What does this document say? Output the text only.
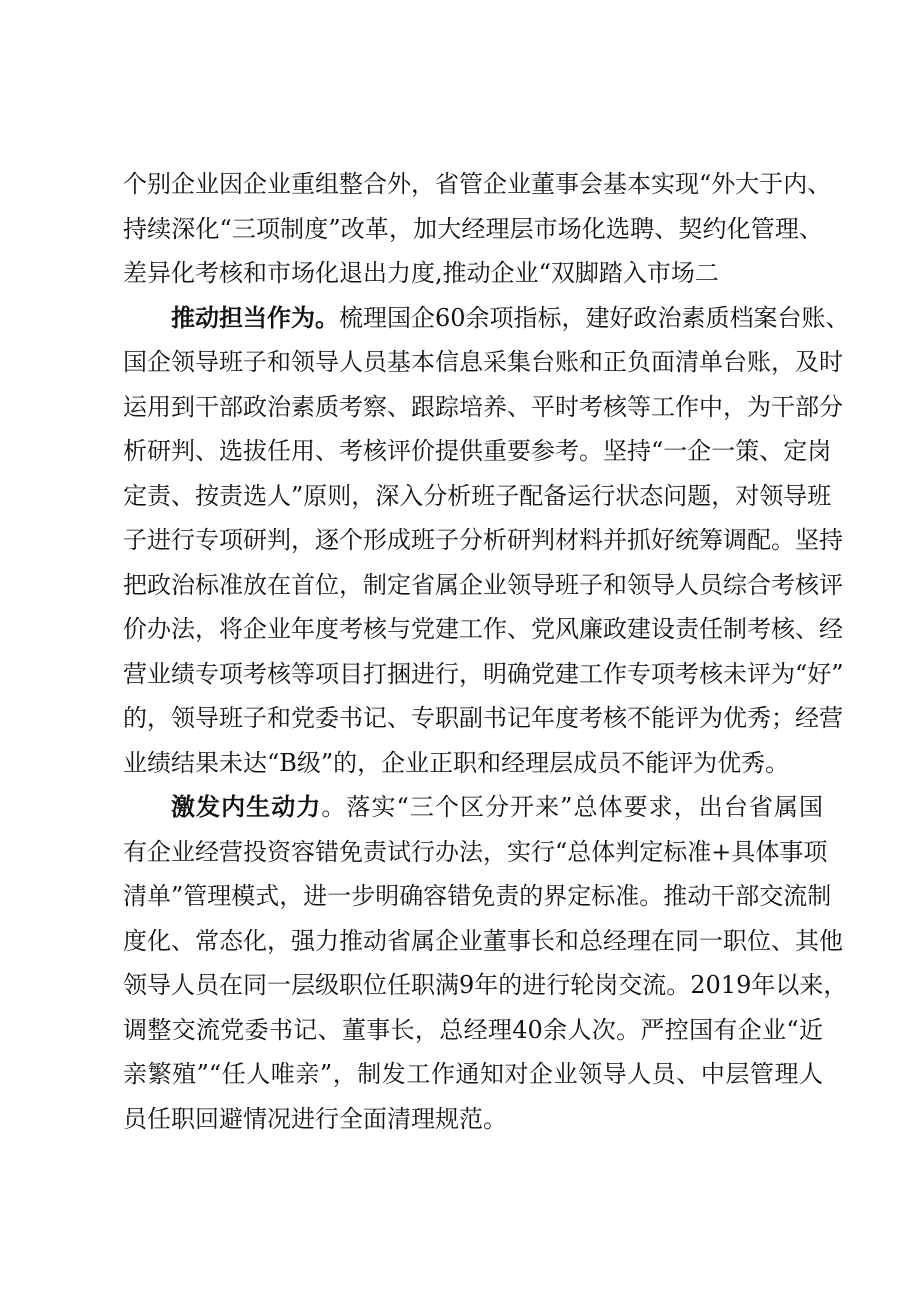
个别企业因企业重组整合外，省管企业董事会基本实现“外大于内、
持续深化“三项制度”改革，加大经理层市场化选聘、契约化管理、
差异化考核和市场化退出力度,推动企业“双脚踏入市场二
推动担当作为。梳理国企60余项指标，建好政治素质档案台账、
国企领导班子和领导人员基本信息采集台账和正负面清单台账，及时
运用到干部政治素质考察、跟踪培养、平时考核等工作中，为干部分
析研判、选拔任用、考核评价提供重要参考。坚持“一企一策、定岗
定责、按责选人”原则，深入分析班子配备运行状态问题，对领导班
子进行专项研判，逐个形成班子分析研判材料并抓好统筹调配。坚持
把政治标准放在首位，制定省属企业领导班子和领导人员综合考核评
价办法，将企业年度考核与党建工作、党风廉政建设责任制考核、经
营业绩专项考核等项目打捆进行，明确党建工作专项考核未评为“好”
的，领导班子和党委书记、专职副书记年度考核不能评为优秀；经营
业绩结果未达“B级”的，企业正职和经理层成员不能评为优秀。
激发内生动力。落实“三个区分开来”总体要求，出台省属国
有企业经营投资容错免责试行办法，实行“总体判定标准+具体事项
清单”管理模式，进一步明确容错免责的界定标准。推动干部交流制
度化、常态化，强力推动省属企业董事长和总经理在同一职位、其他
领导人员在同一层级职位任职满9年的进行轮岗交流。2019年以来，
调整交流党委书记、董事长，总经理40余人次。严控国有企业“近
亲繁殖”“任人唯亲”，制发工作通知对企业领导人员、中层管理人
员任职回避情况进行全面清理规范。
